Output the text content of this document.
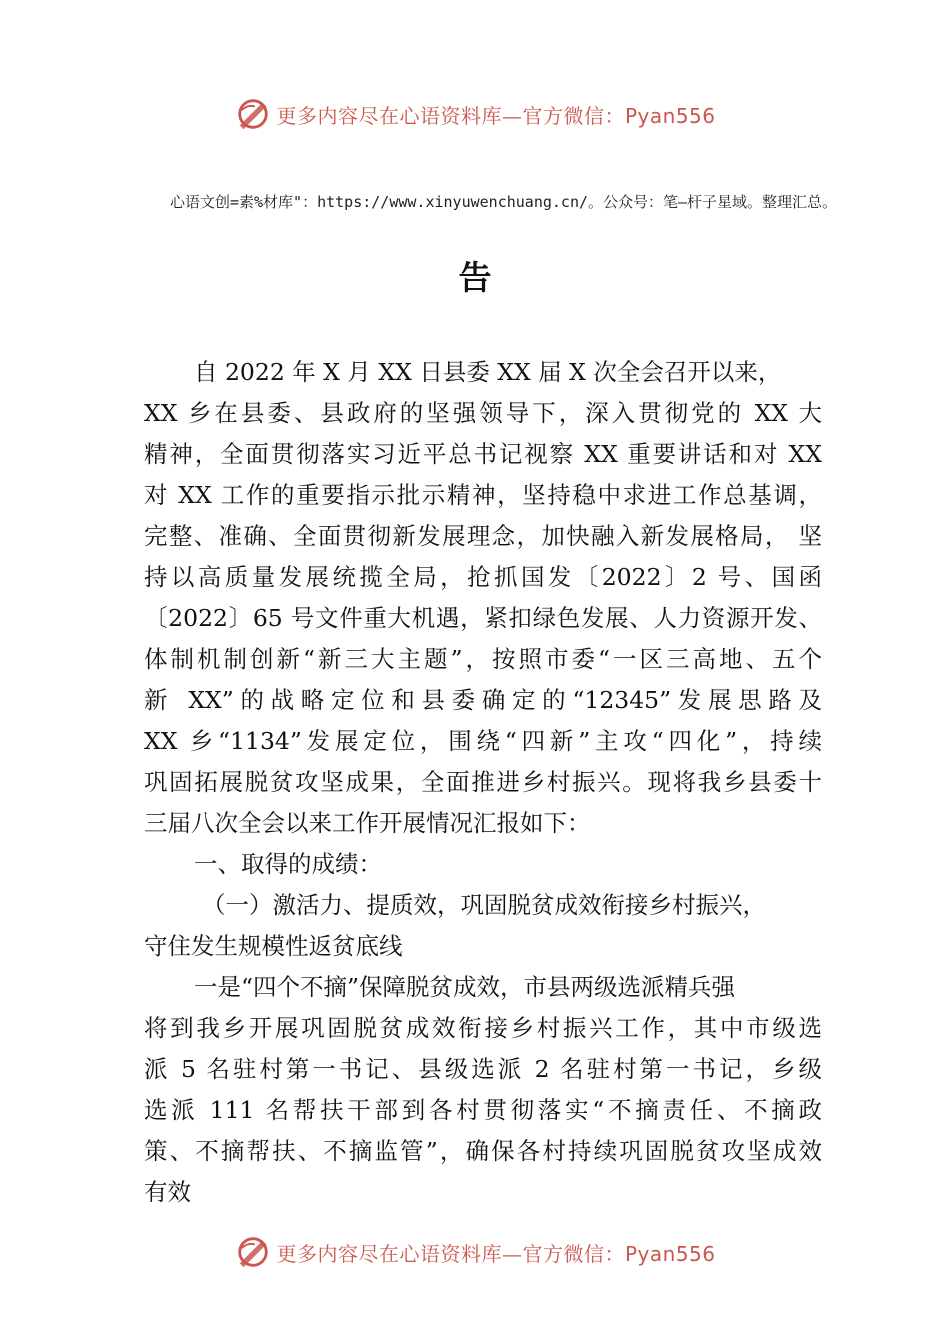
更多内容尽在心语资料库—官方微信：Pyan556
心语文创=素%材库"：https://www.xinyuwenchuang.cn/。公众号：笔—杆子星域。整理汇总。
告
自 2022 年 X 月 XX 日县委 XX 届 X 次全会召开以来，
XX 乡在县委、县政府的坚强领导下，深入贯彻党的 XX 大
精神，全面贯彻落实习近平总书记视察 XX 重要讲话和对 XX
对 XX 工作的重要指示批示精神，坚持稳中求进工作总基调，
完整、准确、全面贯彻新发展理念，加快融入新发展格局， 坚
持以高质量发展统揽全局，抢抓国发〔2022〕2 号、国函
〔2022〕65 号文件重大机遇，紧扣绿色发展、人力资源开发、
体制机制创新“新三大主题”，按照市委“一区三高地、五个
新 XX”的战略定位和县委确定的“12345”发展思路及
XX 乡“1134”发展定位，围绕“四新”主攻“四化”，持续
巩固拓展脱贫攻坚成果，全面推进乡村振兴。现将我乡县委十
三届八次全会以来工作开展情况汇报如下：
一、取得的成绩：
（一）激活力、提质效，巩固脱贫成效衔接乡村振兴，
守住发生规模性返贫底线
一是“四个不摘”保障脱贫成效，市县两级选派精兵强
将到我乡开展巩固脱贫成效衔接乡村振兴工作，其中市级选
派 5 名驻村第一书记、县级选派 2 名驻村第一书记，乡级
选派 111 名帮扶干部到各村贯彻落实“不摘责任、不摘政
策、不摘帮扶、不摘监管”，确保各村持续巩固脱贫攻坚成效
有效
更多内容尽在心语资料库—官方微信：Pyan556
